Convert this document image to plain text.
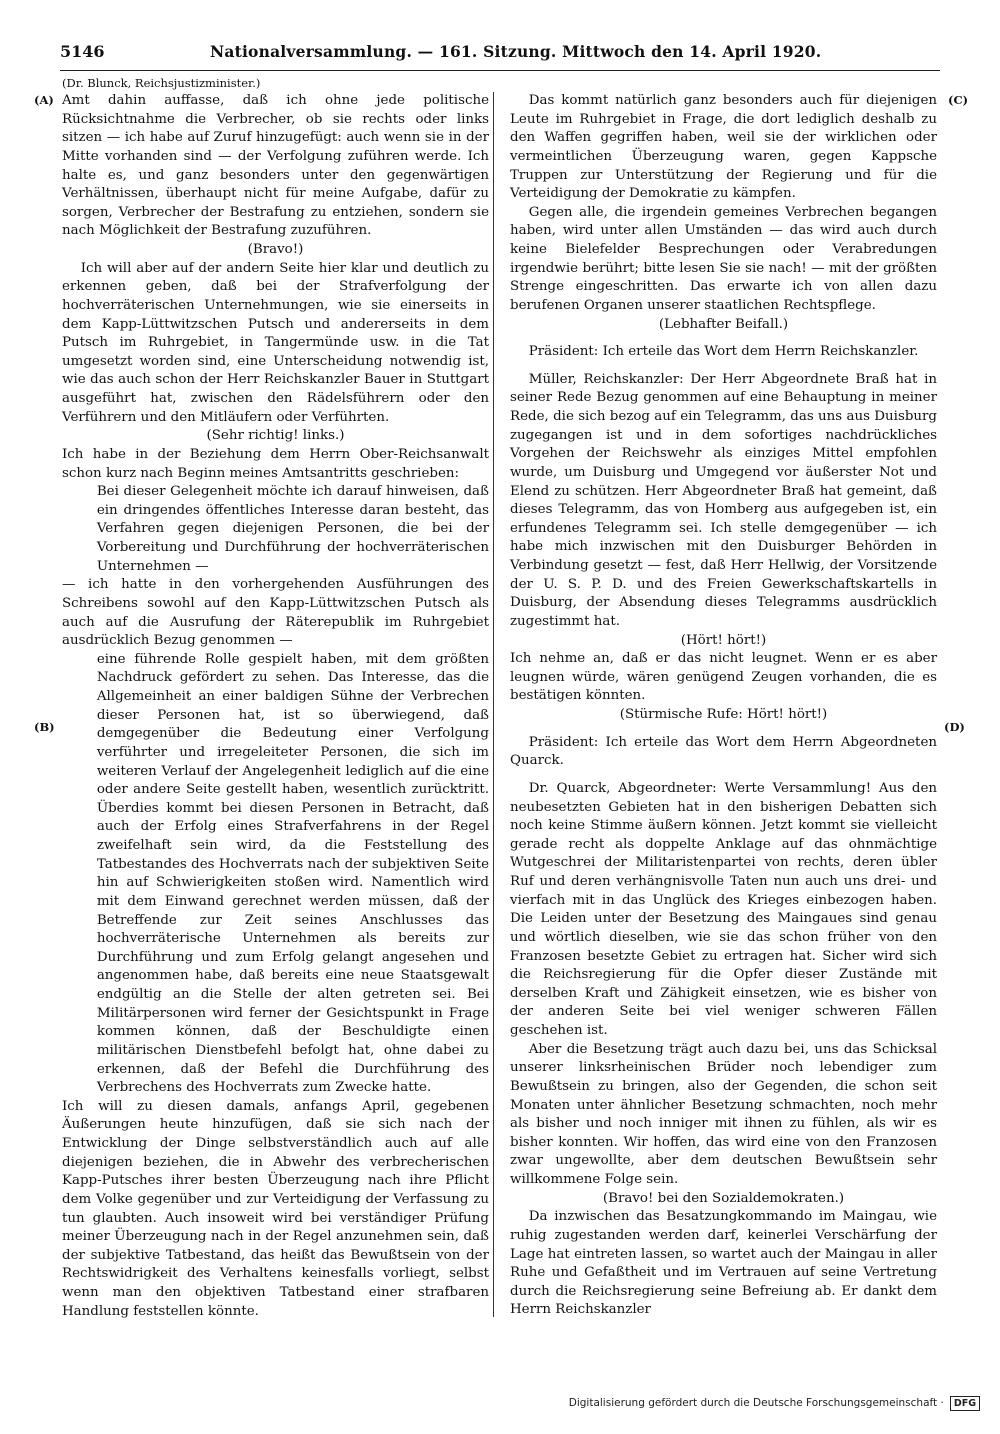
5146	Nationalversammlung. — 161. Sitzung. Mittwoch den 14. April 1920.
(Dr. Blunck, Reichsjustizminister.)
(A)
(B)
(C)
(D)

Amt dahin auffasse, daß ich ohne jede politische Rücksichtnahme die Verbrecher, ob sie rechts oder links sitzen — ich habe auf Zuruf hinzugefügt: auch wenn sie in der Mitte vorhanden sind — der Verfolgung zuführen werde. Ich halte es, und ganz besonders unter den gegenwärtigen Verhältnissen, überhaupt nicht für meine Aufgabe, dafür zu sorgen, Verbrecher der Bestrafung zu entziehen, sondern sie nach Möglichkeit der Bestrafung zuzuführen.

(Bravo!)

Ich will aber auf der andern Seite hier klar und deutlich zu erkennen geben, daß bei der Strafverfolgung der hochverräterischen Unternehmungen, wie sie einerseits in dem Kapp-Lüttwitzschen Putsch und andererseits in dem Putsch im Ruhrgebiet, in Tangermünde usw. in die Tat umgesetzt worden sind, eine Unterscheidung notwendig ist, wie das auch schon der Herr Reichskanzler Bauer in Stuttgart ausgeführt hat, zwischen den Rädelsführern oder den Verführern und den Mitläufern oder Verführten.

(Sehr richtig! links.)

Ich habe in der Beziehung dem Herrn Ober-Reichsanwalt schon kurz nach Beginn meines Amtsantritts geschrieben:

Bei dieser Gelegenheit möchte ich darauf hinweisen, daß ein dringendes öffentliches Interesse daran besteht, das Verfahren gegen diejenigen Personen, die bei der Vorbereitung und Durchführung der hochverräterischen Unternehmen —

— ich hatte in den vorhergehenden Ausführungen des Schreibens sowohl auf den Kapp-Lüttwitzschen Putsch als auch auf die Ausrufung der Räterepublik im Ruhrgebiet ausdrücklich Bezug genommen —

eine führende Rolle gespielt haben, mit dem größten Nachdruck gefördert zu sehen. Das Interesse, das die Allgemeinheit an einer baldigen Sühne der Verbrechen dieser Personen hat, ist so überwiegend, daß demgegenüber die Bedeutung einer Verfolgung verführter und irregeleiteter Personen, die sich im weiteren Verlauf der Angelegenheit lediglich auf die eine oder andere Seite gestellt haben, wesentlich zurücktritt. Überdies kommt bei diesen Personen in Betracht, daß auch der Erfolg eines Strafverfahrens in der Regel zweifelhaft sein wird, da die Feststellung des Tatbestandes des Hochverrats nach der subjektiven Seite hin auf Schwierigkeiten stoßen wird. Namentlich wird mit dem Einwand gerechnet werden müssen, daß der Betreffende zur Zeit seines Anschlusses das hochverräterische Unternehmen als bereits zur Durchführung und zum Erfolg gelangt angesehen und angenommen habe, daß bereits eine neue Staatsgewalt endgültig an die Stelle der alten getreten sei. Bei Militärpersonen wird ferner der Gesichtspunkt in Frage kommen können, daß der Beschuldigte einen militärischen Dienstbefehl befolgt hat, ohne dabei zu erkennen, daß der Befehl die Durchführung des Verbrechens des Hochverrats zum Zwecke hatte.

Ich will zu diesen damals, anfangs April, gegebenen Äußerungen heute hinzufügen, daß sie sich nach der Entwicklung der Dinge selbstverständlich auch auf alle diejenigen beziehen, die in Abwehr des verbrecherischen Kapp-Putsches ihrer besten Überzeugung nach ihre Pflicht dem Volke gegenüber und zur Verteidigung der Verfassung zu tun glaubten. Auch insoweit wird bei verständiger Prüfung meiner Überzeugung nach in der Regel anzunehmen sein, daß der subjektive Tatbestand, das heißt das Bewußtsein von der Rechtswidrigkeit des Verhaltens keinesfalls vorliegt, selbst wenn man den objektiven Tatbestand einer strafbaren Handlung feststellen könnte.

Das kommt natürlich ganz besonders auch für diejenigen Leute im Ruhrgebiet in Frage, die dort lediglich deshalb zu den Waffen gegriffen haben, weil sie der wirklichen oder vermeintlichen Überzeugung waren, gegen Kappsche Truppen zur Unterstützung der Regierung und für die Verteidigung der Demokratie zu kämpfen.

Gegen alle, die irgendein gemeines Verbrechen begangen haben, wird unter allen Umständen — das wird auch durch keine Bielefelder Besprechungen oder Verabredungen irgendwie berührt; bitte lesen Sie sie nach! — mit der größten Strenge eingeschritten. Das erwarte ich von allen dazu berufenen Organen unserer staatlichen Rechtspflege.

(Lebhafter Beifall.)

Präsident: Ich erteile das Wort dem Herrn Reichskanzler.

Müller, Reichskanzler: Der Herr Abgeordnete Braß hat in seiner Rede Bezug genommen auf eine Behauptung in meiner Rede, die sich bezog auf ein Telegramm, das uns aus Duisburg zugegangen ist und in dem sofortiges nachdrückliches Vorgehen der Reichswehr als einziges Mittel empfohlen wurde, um Duisburg und Umgegend vor äußerster Not und Elend zu schützen. Herr Abgeordneter Braß hat gemeint, daß dieses Telegramm, das von Homberg aus aufgegeben ist, ein erfundenes Telegramm sei. Ich stelle demgegenüber — ich habe mich inzwischen mit den Duisburger Behörden in Verbindung gesetzt — fest, daß Herr Hellwig, der Vorsitzende der U. S. P. D. und des Freien Gewerkschaftskartells in Duisburg, der Absendung dieses Telegramms ausdrücklich zugestimmt hat.

(Hört! hört!)

Ich nehme an, daß er das nicht leugnet. Wenn er es aber leugnen würde, wären genügend Zeugen vorhanden, die es bestätigen könnten.

(Stürmische Rufe: Hört! hört!)

Präsident: Ich erteile das Wort dem Herrn Abgeordneten Quarck.

Dr. Quarck, Abgeordneter: Werte Versammlung! Aus den neubesetzten Gebieten hat in den bisherigen Debatten sich noch keine Stimme äußern können. Jetzt kommt sie vielleicht gerade recht als doppelte Anklage auf das ohnmächtige Wutgeschrei der Militaristenpartei von rechts, deren übler Ruf und deren verhängnisvolle Taten nun auch uns drei- und vierfach mit in das Unglück des Krieges einbezogen haben. Die Leiden unter der Besetzung des Maingaues sind genau und wörtlich dieselben, wie sie das schon früher von den Franzosen besetzte Gebiet zu ertragen hat. Sicher wird sich die Reichsregierung für die Opfer dieser Zustände mit derselben Kraft und Zähigkeit einsetzen, wie es bisher von der anderen Seite bei viel weniger schweren Fällen geschehen ist.

Aber die Besetzung trägt auch dazu bei, uns das Schicksal unserer linksrheinischen Brüder noch lebendiger zum Bewußtsein zu bringen, also der Gegenden, die schon seit Monaten unter ähnlicher Besetzung schmachten, noch mehr als bisher und noch inniger mit ihnen zu fühlen, als wir es bisher konnten. Wir hoffen, das wird eine von den Franzosen zwar ungewollte, aber dem deutschen Bewußtsein sehr willkommene Folge sein.

(Bravo! bei den Sozialdemokraten.)

Da inzwischen das Besatzungkommando im Maingau, wie ruhig zugestanden werden darf, keinerlei Verschärfung der Lage hat eintreten lassen, so wartet auch der Maingau in aller Ruhe und Gefaßtheit und im Vertrauen auf seine Vertretung durch die Reichsregierung seine Befreiung ab. Er dankt dem Herrn Reichskanzler

Digitalisierung gefördert durch die Deutsche Forschungsgemeinschaft · DFG
